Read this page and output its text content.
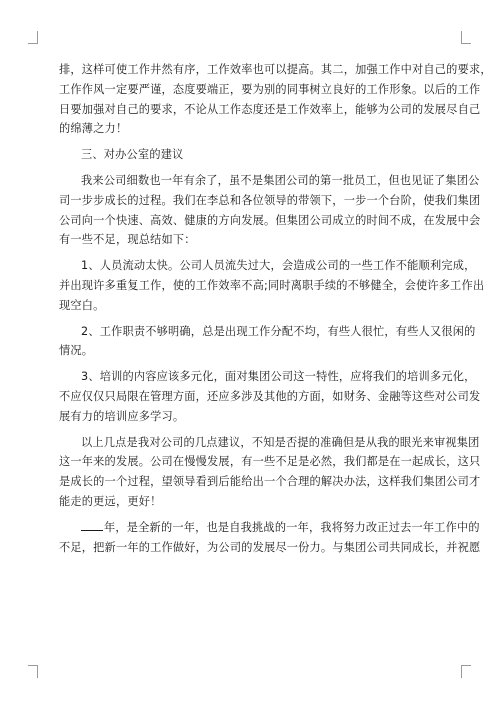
排，这样可使工作井然有序，工作效率也可以提高。其二，加强工作中对自己的要求，
工作作风一定要严谨，态度要端正，要为别的同事树立良好的工作形象。以后的工作
日要加强对自己的要求，不论从工作态度还是工作效率上，能够为公司的发展尽自己
的绵薄之力！
三、对办公室的建议
我来公司细数也一年有余了，虽不是集团公司的第一批员工，但也见证了集团公
司一步步成长的过程。我们在李总和各位领导的带领下，一步一个台阶，使我们集团
公司向一个快速、高效、健康的方向发展。但集团公司成立的时间不成，在发展中会
有一些不足，现总结如下：
1、人员流动太快。公司人员流失过大，会造成公司的一些工作不能顺利完成，
并出现许多重复工作，使的工作效率不高;同时离职手续的不够健全，会使许多工作出
现空白。
2、工作职责不够明确，总是出现工作分配不均，有些人很忙，有些人又很闲的
情况。
3、培训的内容应该多元化，面对集团公司这一特性，应将我们的培训多元化，
不应仅仅只局限在管理方面，还应多涉及其他的方面，如财务、金融等这些对公司发
展有力的培训应多学习。
以上几点是我对公司的几点建议，不知是否提的准确但是从我的眼光来审视集团
这一年来的发展。公司在慢慢发展，有一些不足是必然，我们都是在一起成长，这只
是成长的一个过程，望领导看到后能给出一个合理的解决办法，这样我们集团公司才
能走的更远，更好！
年，是全新的一年，也是自我挑战的一年，我将努力改正过去一年工作中的
不足，把新一年的工作做好，为公司的发展尽一份力。与集团公司共同成长，并祝愿
